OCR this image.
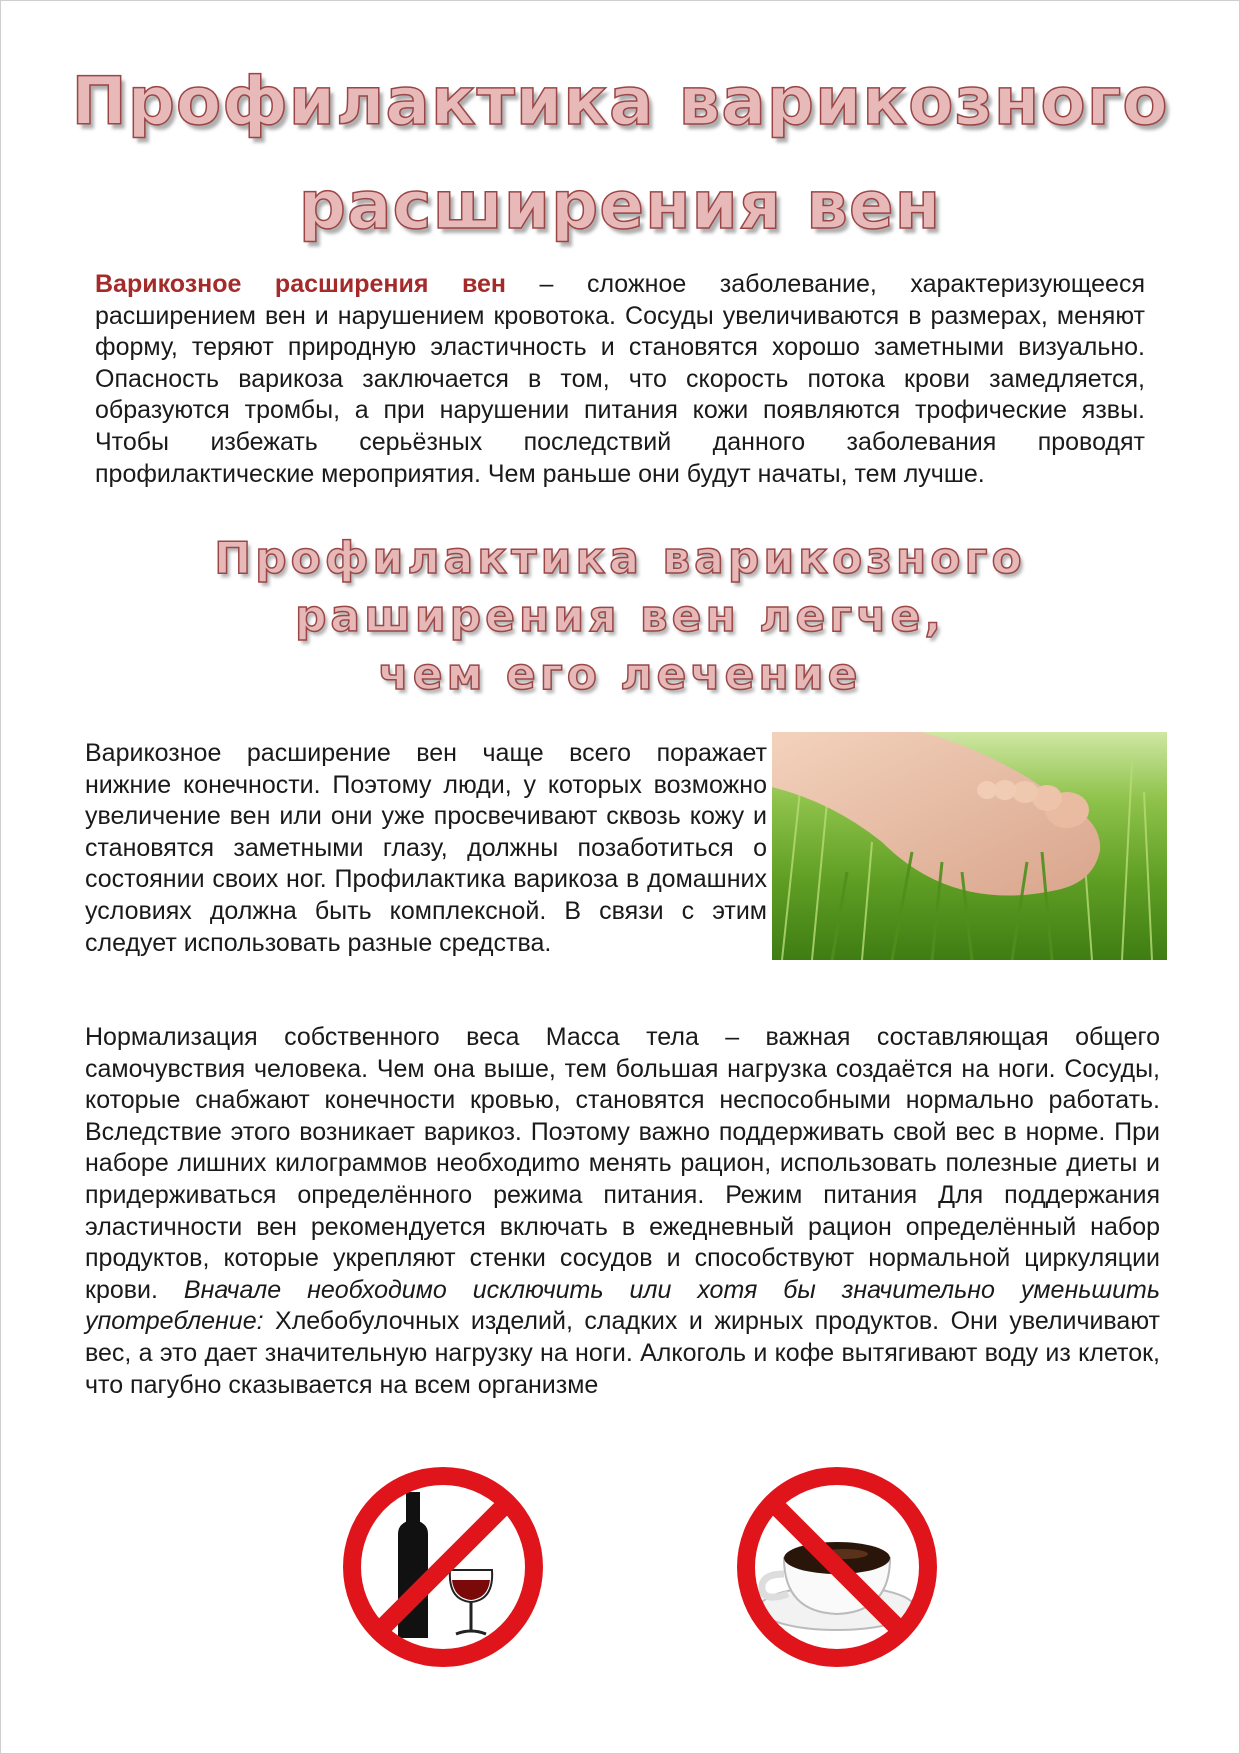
Профилактика варикозного
расширения вен

Варикозное расширения вен – сложное заболевание, характеризующееся расширением вен и нарушением кровотока. Сосуды увеличиваются в размерах, меняют форму, теряют природную эластичность и становятся хорошо заметными визуально. Опасность варикоза заключается в том, что скорость потока крови замедляется, образуются тромбы, а при нарушении питания кожи появляются трофические язвы. Чтобы избежать серьёзных последствий данного заболевания проводят профилактические мероприятия. Чем раньше они будут начаты, тем лучше.

Профилактика варикозного
раширения вен легче,
чем его лечение

Варикозное расширение вен чаще всего поражает нижние конечности. Поэтому люди, у которых возможно увеличение вен или они уже просвечивают сквозь кожу и становятся заметными глазу, должны позаботиться о состоянии своих ног. Профилактика варикоза в домашних условиях должна быть комплексной. В связи с этим следует использовать разные средства.

Нормализация собственного веса Масса тела – важная составляющая общего самочувствия человека. Чем она выше, тем большая нагрузка создаётся на ноги. Сосуды, которые снабжают конечности кровью, становятся неспособными нормально работать. Вследствие этого возникает варикоз. Поэтому важно поддерживать свой вес в норме. При наборе лишних килограммов необходиmо менять рацион, использовать полезные диеты и придерживаться определённого режима питания. Режим питания Для поддержания эластичности вен рекомендуется включать в ежедневный рацион определённый набор продуктов, которые укрепляют стенки сосудов и способствуют нормальной циркуляции крови. Вначале необходимо исключить или хотя бы значительно уменьшить употребление: Хлебобулочных изделий, сладких и жирных продуктов. Они увеличивают вес, а это дает значительную нагрузку на ноги. Алкоголь и кофе вытягивают воду из клеток, что пагубно сказывается на всем организме
